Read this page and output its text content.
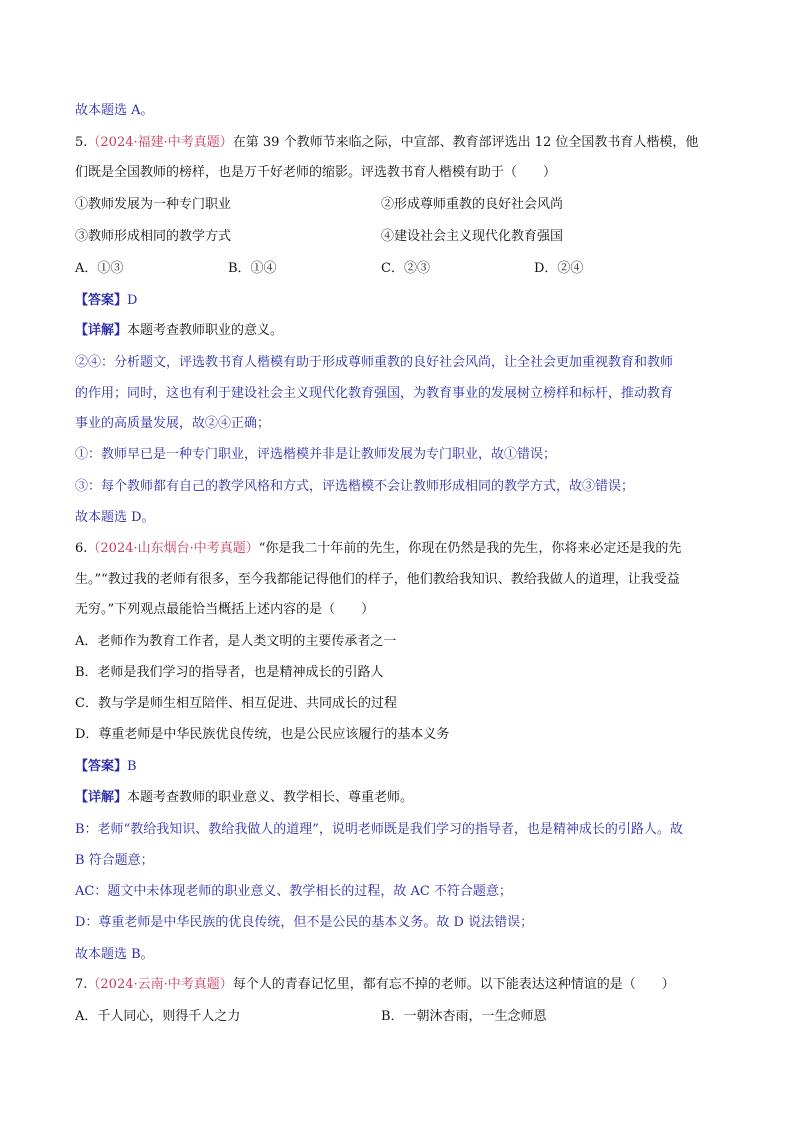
故本题选 A。
5.（2024·福建·中考真题）在第 39 个教师节来临之际，中宣部、教育部评选出 12 位全国教书育人楷模，他
们既是全国教师的榜样，也是万千好老师的缩影。评选教书育人楷模有助于（　　）
①教师发展为一种专门职业	②形成尊师重教的良好社会风尚
③教师形成相同的教学方式	④建设社会主义现代化教育强国
A．①③	B．①④	C．②③	D．②④
【答案】D
【详解】本题考查教师职业的意义。
②④：分析题文，评选教书育人楷模有助于形成尊师重教的良好社会风尚，让全社会更加重视教育和教师
的作用；同时，这也有利于建设社会主义现代化教育强国，为教育事业的发展树立榜样和标杆，推动教育
事业的高质量发展，故②④正确；
①：教师早已是一种专门职业，评选楷模并非是让教师发展为专门职业，故①错误；
③：每个教师都有自己的教学风格和方式，评选楷模不会让教师形成相同的教学方式，故③错误；
故本题选 D。
6.（2024·山东烟台·中考真题）“你是我二十年前的先生，你现在仍然是我的先生，你将来必定还是我的先
生。”“教过我的老师有很多，至今我都能记得他们的样子，他们教给我知识、教给我做人的道理，让我受益
无穷。”下列观点最能恰当概括上述内容的是（　　）
A．老师作为教育工作者，是人类文明的主要传承者之一
B．老师是我们学习的指导者，也是精神成长的引路人
C．教与学是师生相互陪伴、相互促进、共同成长的过程
D．尊重老师是中华民族优良传统，也是公民应该履行的基本义务
【答案】B
【详解】本题考查教师的职业意义、教学相长、尊重老师。
B：老师“教给我知识、教给我做人的道理”，说明老师既是我们学习的指导者，也是精神成长的引路人。故
B 符合题意；
AC：题文中未体现老师的职业意义、教学相长的过程，故 AC 不符合题意；
D：尊重老师是中华民族的优良传统，但不是公民的基本义务。故 D 说法错误；
故本题选 B。
7.（2024·云南·中考真题）每个人的青春记忆里，都有忘不掉的老师。以下能表达这种情谊的是（　　）
A．千人同心，则得千人之力	B．一朝沐杏雨，一生念师恩
